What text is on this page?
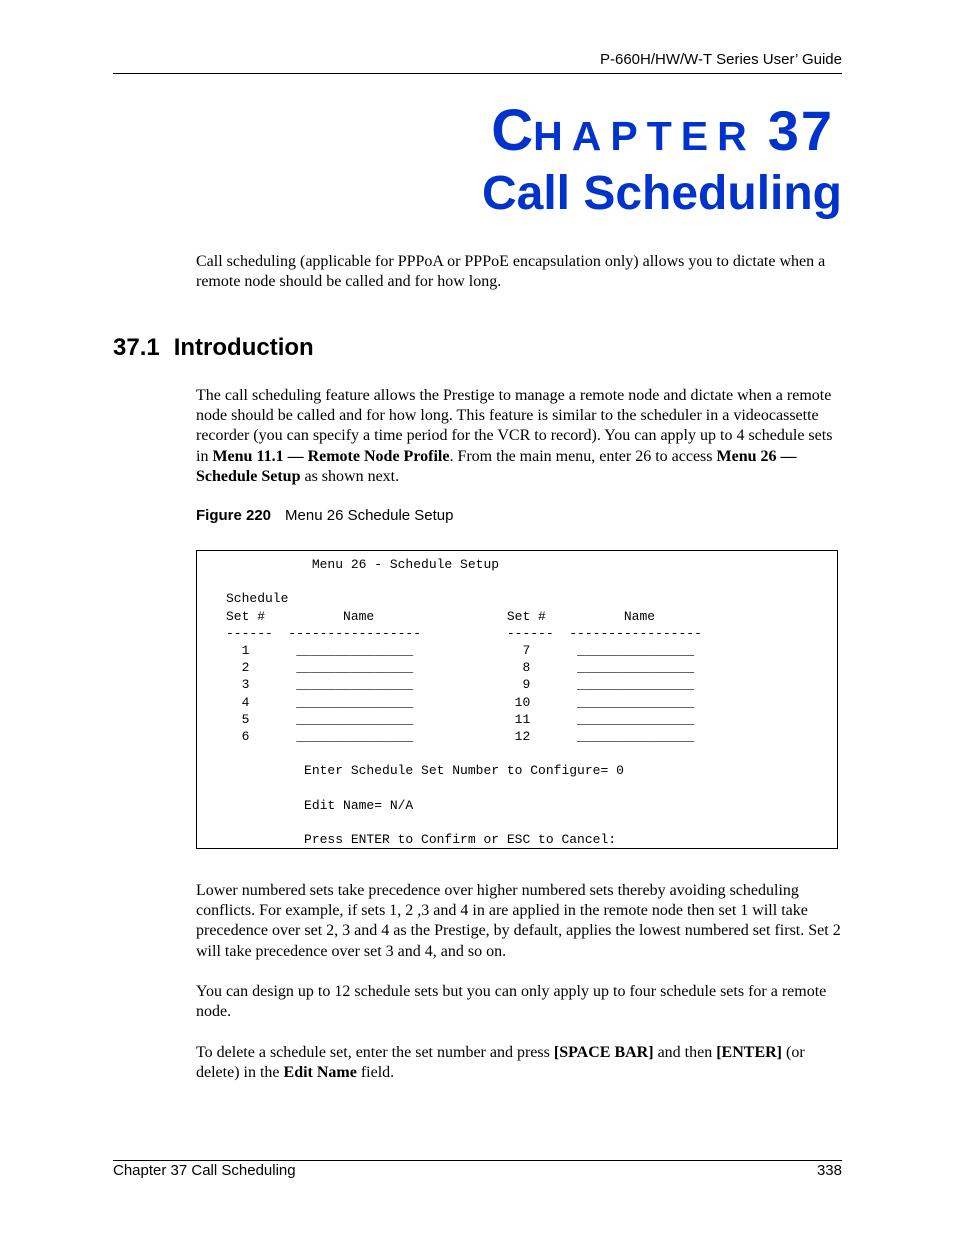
P-660H/HW/W-T Series User’ Guide
CHAPTER 37
Call Scheduling
Call scheduling (applicable for PPPoA or PPPoE encapsulation only) allows you to dictate when a remote node should be called and for how long.
37.1 Introduction
The call scheduling feature allows the Prestige to manage a remote node and dictate when a remote node should be called and for how long. This feature is similar to the scheduler in a videocassette recorder (you can specify a time period for the VCR to record). You can apply up to 4 schedule sets in Menu 11.1 — Remote Node Profile. From the main menu, enter 26 to access Menu 26 — Schedule Setup as shown next.
Figure 220 Menu 26 Schedule Setup
Menu 26 - Schedule Setup

Schedule
Set #          Name                 Set #          Name
------  -----------------           ------  -----------------
1      _______________              7      _______________
2      _______________              8      _______________
3      _______________              9      _______________
4      _______________             10      _______________
5      _______________             11      _______________
6      _______________             12      _______________

Enter Schedule Set Number to Configure= 0

Edit Name= N/A

Press ENTER to Confirm or ESC to Cancel:
Lower numbered sets take precedence over higher numbered sets thereby avoiding scheduling conflicts. For example, if sets 1, 2 ,3 and 4 in are applied in the remote node then set 1 will take precedence over set 2, 3 and 4 as the Prestige, by default, applies the lowest numbered set first. Set 2 will take precedence over set 3 and 4, and so on.
You can design up to 12 schedule sets but you can only apply up to four schedule sets for a remote node.
To delete a schedule set, enter the set number and press [SPACE BAR] and then [ENTER] (or delete) in the Edit Name field.
Chapter 37 Call Scheduling	338
